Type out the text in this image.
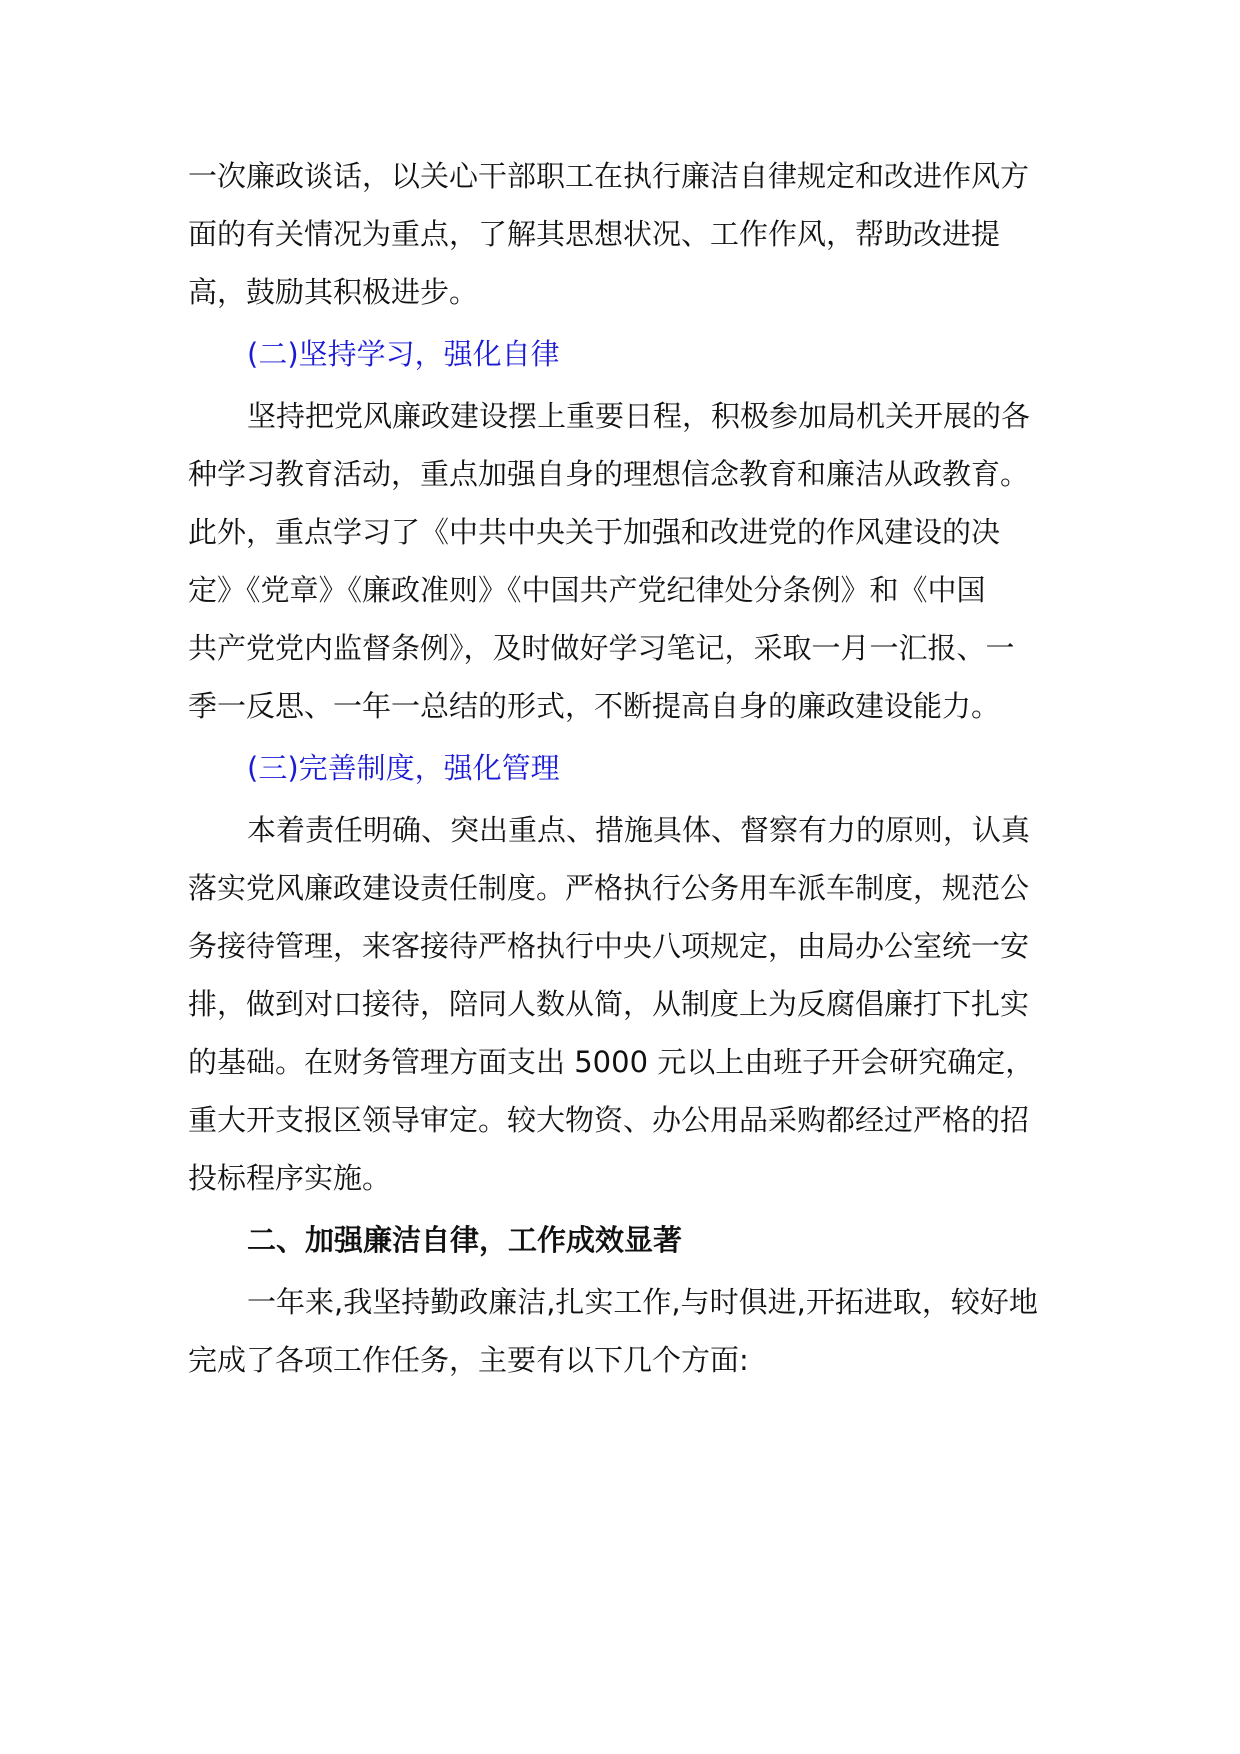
一次廉政谈话，以关心干部职工在执行廉洁自律规定和改进作风方
面的有关情况为重点，了解其思想状况、工作作风，帮助改进提
高，鼓励其积极进步。
(二)坚持学习，强化自律
坚持把党风廉政建设摆上重要日程，积极参加局机关开展的各
种学习教育活动，重点加强自身的理想信念教育和廉洁从政教育。
此外，重点学习了《中共中央关于加强和改进党的作风建设的决
定》《党章》《廉政准则》《中国共产党纪律处分条例》和《中国
共产党党内监督条例》，及时做好学习笔记，采取一月一汇报、一
季一反思、一年一总结的形式，不断提高自身的廉政建设能力。
(三)完善制度，强化管理
本着责任明确、突出重点、措施具体、督察有力的原则，认真
落实党风廉政建设责任制度。严格执行公务用车派车制度，规范公
务接待管理，来客接待严格执行中央八项规定，由局办公室统一安
排，做到对口接待，陪同人数从简，从制度上为反腐倡廉打下扎实
的基础。在财务管理方面支出 5000 元以上由班子开会研究确定，
重大开支报区领导审定。较大物资、办公用品采购都经过严格的招
投标程序实施。
二、加强廉洁自律，工作成效显著
一年来,我坚持勤政廉洁,扎实工作,与时俱进,开拓进取，较好地
完成了各项工作任务，主要有以下几个方面:
